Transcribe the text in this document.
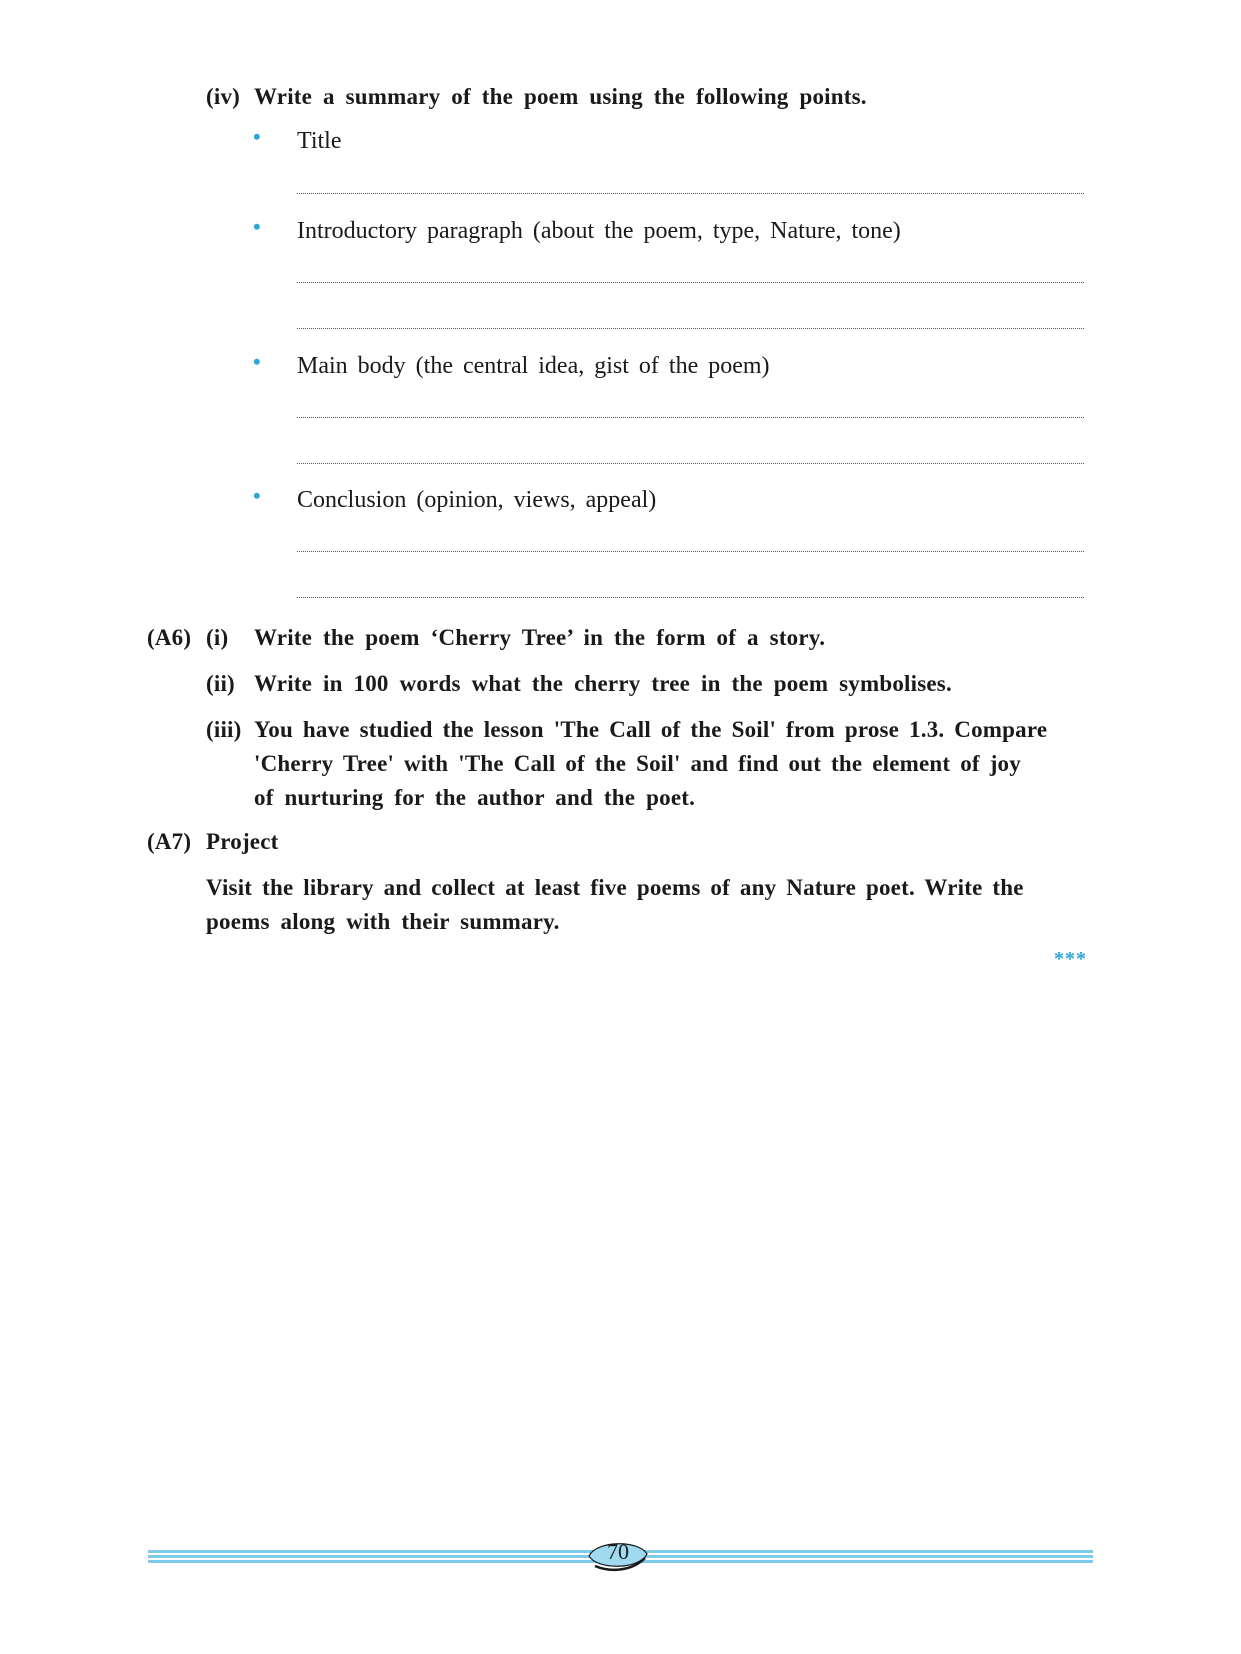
(iv) Write a summary of the poem using the following points.
• Title
• Introductory paragraph (about the poem, type, Nature, tone)
• Main body (the central idea, gist of the poem)
• Conclusion (opinion, views, appeal)
(A6) (i) Write the poem ‘Cherry Tree’ in the form of a story.
(ii) Write in 100 words what the cherry tree in the poem symbolises.
(iii) You have studied the lesson 'The Call of the Soil' from prose 1.3. Compare
'Cherry Tree' with 'The Call of the Soil' and find out the element of joy
of nurturing for the author and the poet.
(A7) Project
Visit the library and collect at least five poems of any Nature poet. Write the
poems along with their summary.
***
70
